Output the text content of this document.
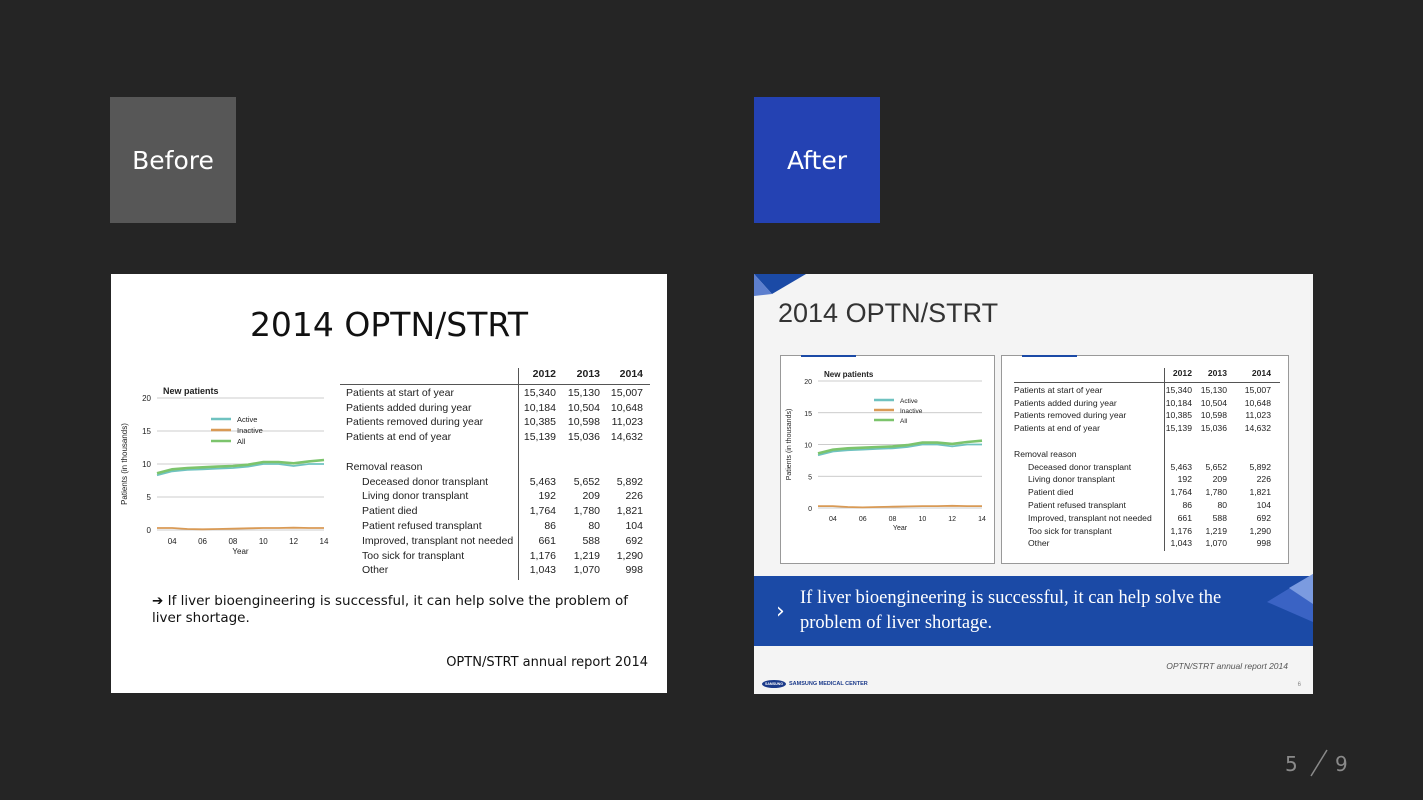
Before	After
2014 OPTN/STRT
0
5
10
15
20
04	06	08	10	12	14
Year
Patients (in thousands)
New patients
Active
Inactive
All
2012 2013 2014
Patients at start of year	15,340 15,130 15,007
Patients added during year	10,184 10,504 10,648
Patients removed during year	10,385 10,598 11,023
Patients at end of year	15,139 15,036 14,632
Removal reason
Deceased donor transplant	5,463 5,652 5,892
Living donor transplant	192	209 226
Patient died	1,764 1,780 1,821
Patient refused transplant	86	80 104
Improved, transplant not needed 661	588 692
Too sick for transplant	1,176 1,219 1,290
Other	1,043 1,070 998
➔ If liver bioengineering is successful, it can help solve the problem of liver shortage.
OPTN/STRT annual report 2014
2014 OPTN/STRT
0
5
10
15
20
04	06	08	10	12	14
Year
Patients (in thousands)
New patients
Active
Inactive
All
2012 2013	2014
Patients at start of year	15,340 15,130 15,007
Patients added during year	10,184 10,504 10,648
Patients removed during year	10,385 10,598 11,023
Patients at end of year	15,139 15,036 14,632
Removal reason
Deceased donor transplant	5,463 5,652	5,892
Living donor transplant	192 209	226
Patient died	1,764 1,780	1,821
Patient refused transplant	86	80	104
Improved, transplant not needed	661 588	692
Too sick for transplant	1,176 1,219	1,290
Other	1,043 1,070	998
›
If liver bioengineering is successful, it can help solve the problem of liver shortage.
OPTN/STRT annual report 2014
SAMSUNG	SAMSUNG MEDICAL CENTER	6
5 9
